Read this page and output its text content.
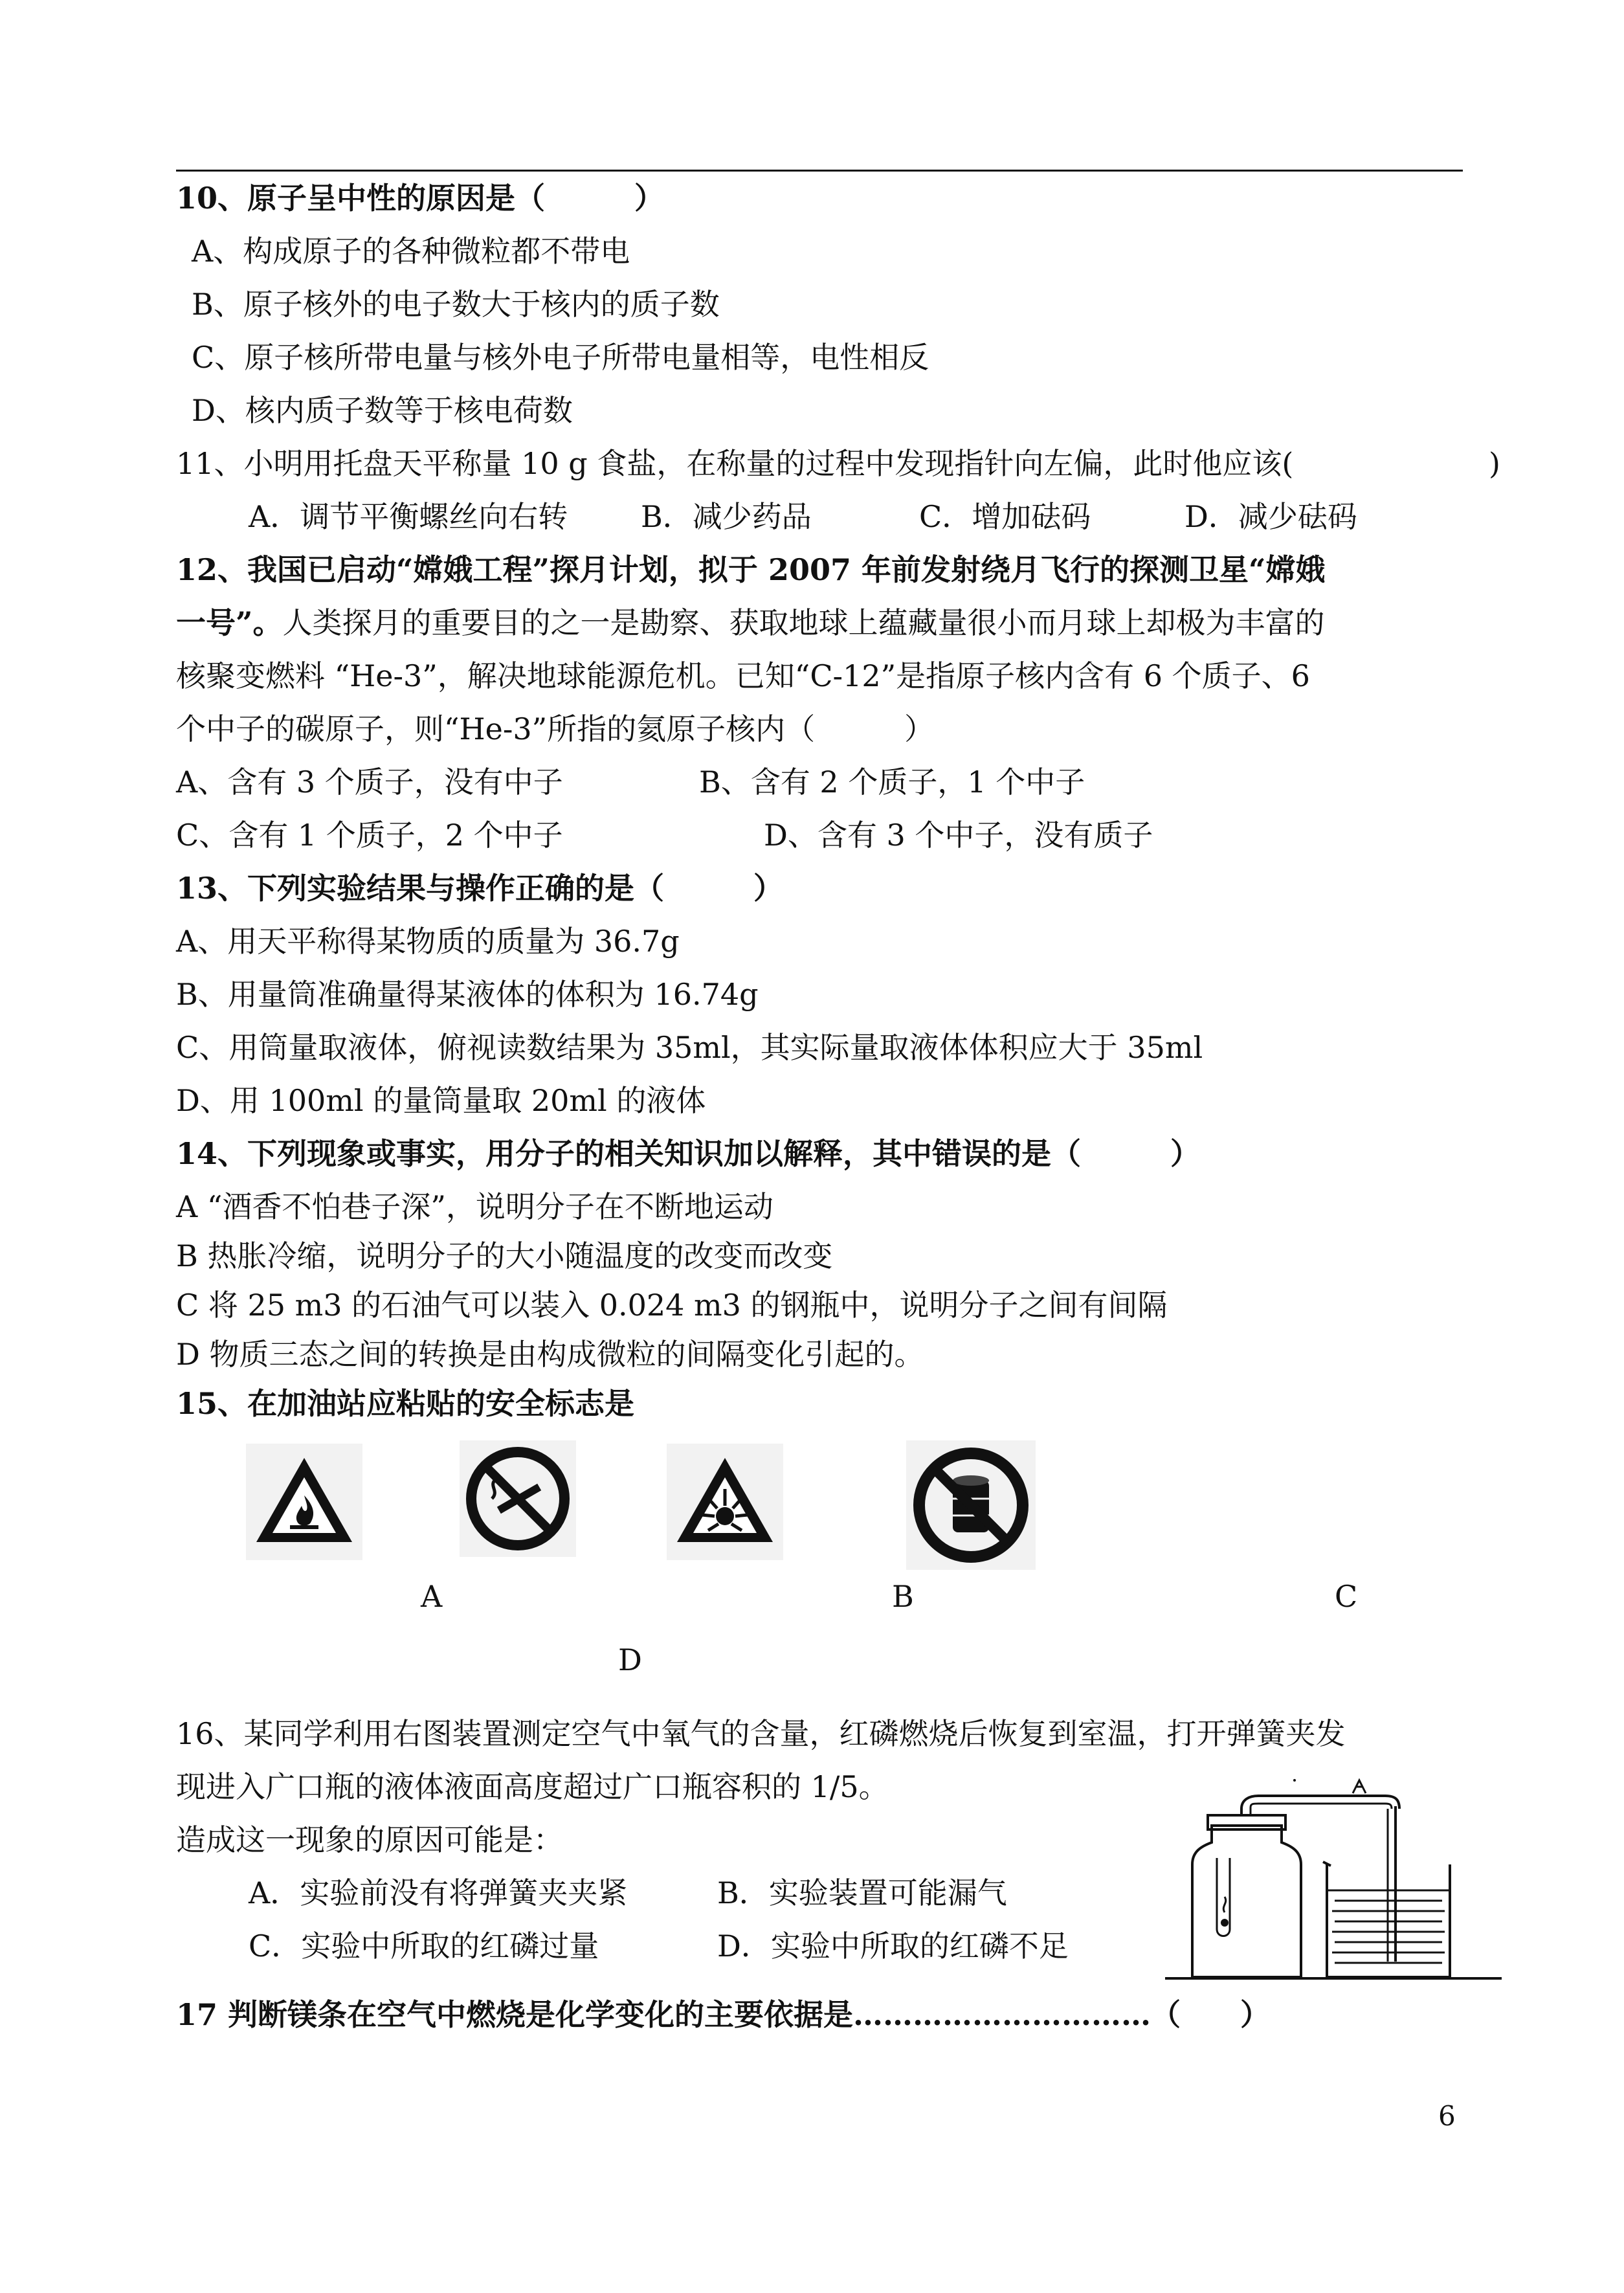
10、原子呈中性的原因是（　　　）
A、构成原子的各种微粒都不带电
B、原子核外的电子数大于核内的质子数
C、原子核所带电量与核外电子所带电量相等，电性相反
D、核内质子数等于核电荷数
11、小明用托盘天平称量 10 g 食盐，在称量的过程中发现指针向左偏，此时他应该(	)
A．调节平衡螺丝向右转 B．减少药品	C．增加砝码	D．减少砝码
12、我国已启动“嫦娥工程”探月计划，拟于 2007 年前发射绕月飞行的探测卫星“嫦娥
一号”。人类探月的重要目的之一是勘察、获取地球上蕴藏量很小而月球上却极为丰富的
核聚变燃料 “He-3”，解决地球能源危机。已知“C-12”是指原子核内含有 6 个质子、6
个中子的碳原子，则“He-3”所指的氦原子核内（　　　）
A、含有 3 个质子，没有中子	B、含有 2 个质子，1 个中子
C、含有 1 个质子，2 个中子	D、含有 3 个中子，没有质子
13、下列实验结果与操作正确的是（　　　）
A、用天平称得某物质的质量为 36.7g
B、用量筒准确量得某液体的体积为 16.74g
C、用筒量取液体，俯视读数结果为 35ml，其实际量取液体体积应大于 35ml
D、用 100ml 的量筒量取 20ml 的液体
14、下列现象或事实，用分子的相关知识加以解释，其中错误的是（　　　）
A “酒香不怕巷子深”，说明分子在不断地运动
B 热胀冷缩，说明分子的大小随温度的改变而改变
C 将 25 m3 的石油气可以装入 0.024 m3 的钢瓶中，说明分子之间有间隔
D 物质三态之间的转换是由构成微粒的间隔变化引起的。
15、在加油站应粘贴的安全标志是
A	B	C
D
16、某同学利用右图装置测定空气中氧气的含量，红磷燃烧后恢复到室温，打开弹簧夹发
现进入广口瓶的液体液面高度超过广口瓶容积的 1/5。
造成这一现象的原因可能是：
A．实验前没有将弹簧夹夹紧	B．实验装置可能漏气
C．实验中所取的红磷过量	D．实验中所取的红磷不足
17 判断镁条在空气中燃烧是化学变化的主要依据是…………………………（　　）
6
